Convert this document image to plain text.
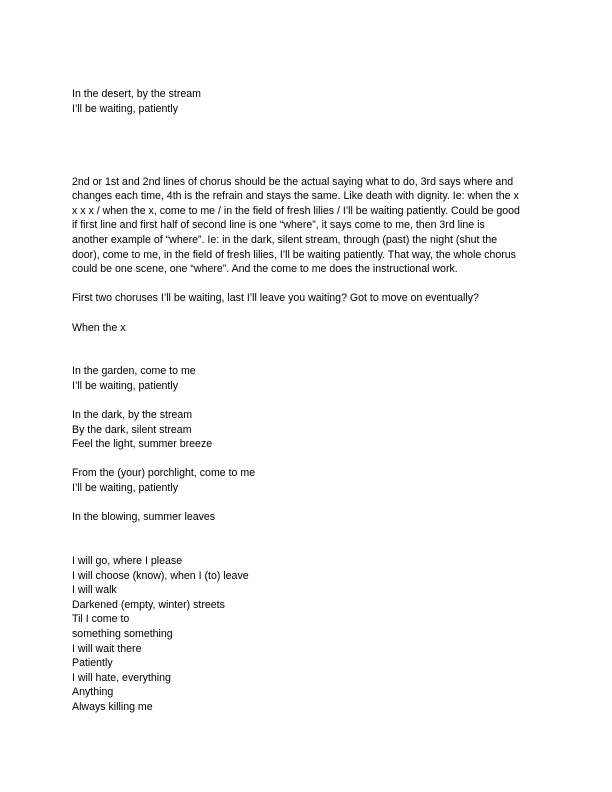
In the desert, by the stream
I’ll be waiting, patiently
2nd or 1st and 2nd lines of chorus should be the actual saying what to do, 3rd says where and
changes each time, 4th is the refrain and stays the same. Like death with dignity. Ie: when the x
x x x / when the x, come to me / in the field of fresh lilies / I’ll be waiting patiently. Could be good
if first line and first half of second line is one “where”, it says come to me, then 3rd line is
another example of “where”. Ie: in the dark, silent stream, through (past) the night (shut the
door), come to me, in the field of fresh lilies, I’ll be waiting patiently. That way, the whole chorus
could be one scene, one “where”. And the come to me does the instructional work.
First two choruses I’ll be waiting, last I’ll leave you waiting? Got to move on eventually?
When the x
In the garden, come to me
I’ll be waiting, patiently
In the dark, by the stream
By the dark, silent stream
Feel the light, summer breeze
From the (your) porchlight, come to me
I’ll be waiting, patiently
In the blowing, summer leaves
I will go, where I please
I will choose (know), when I (to) leave
I will walk
Darkened (empty, winter) streets
Til I come to
something something
I will wait there
Patiently
I will hate, everything
Anything
Always killing me
